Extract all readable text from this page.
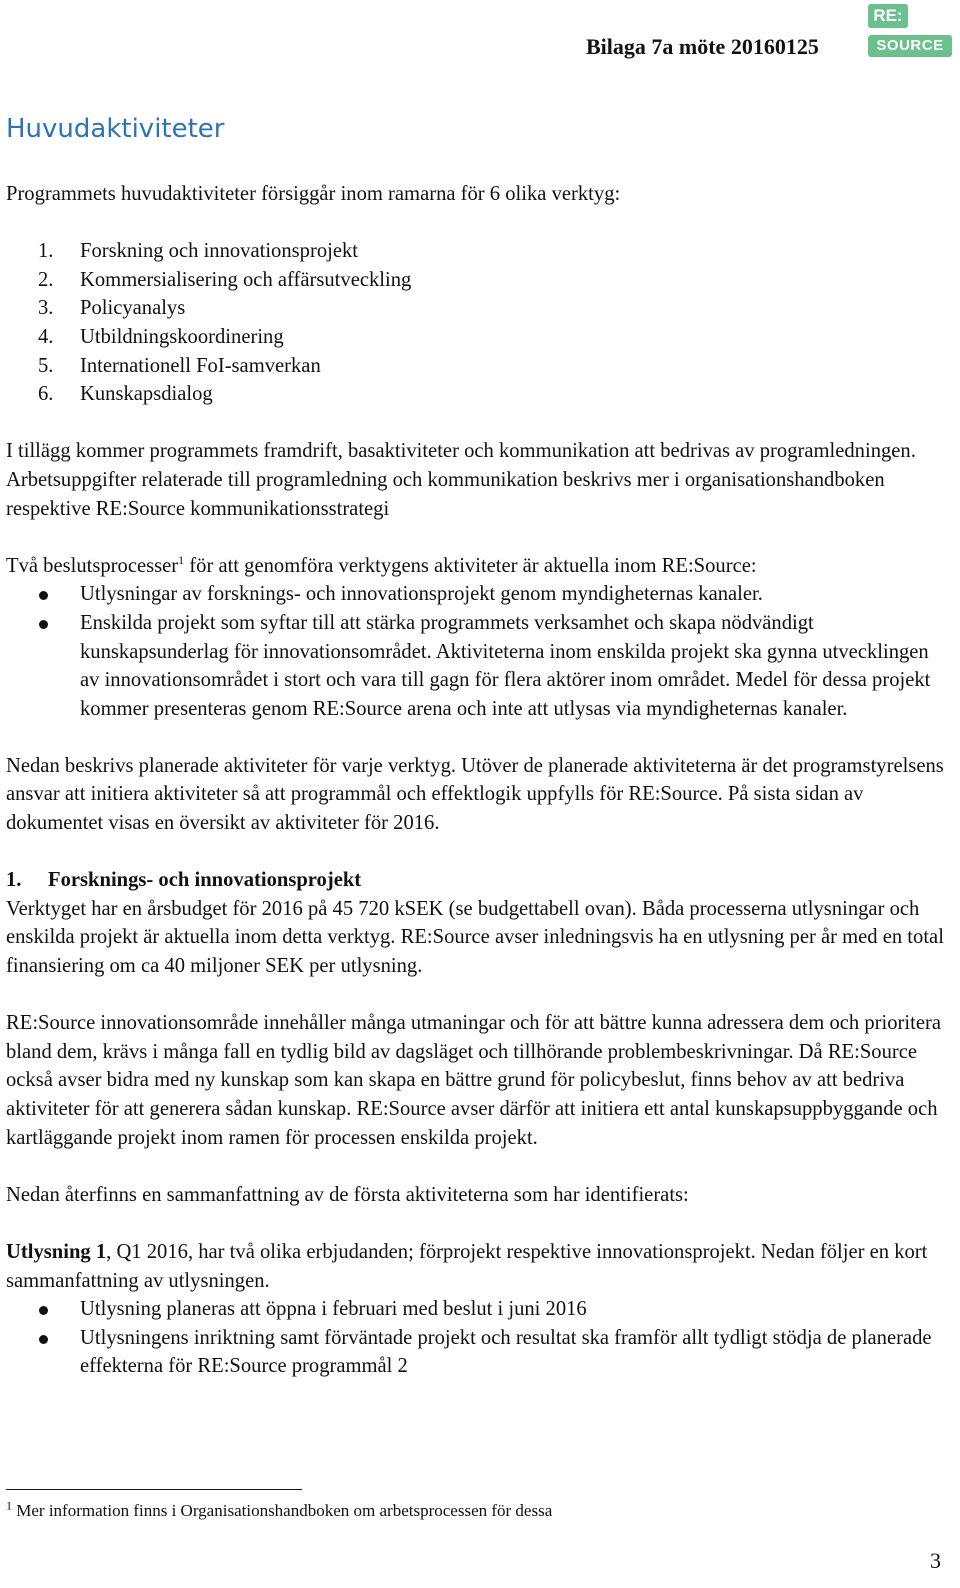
Bilaga 7a möte 20160125
RE:
SOURCE
Huvudaktiviteter

Programmets huvudaktiviteter försiggår inom ramarna för 6 olika verktyg:

1. Forskning och innovationsprojekt
2. Kommersialisering och affärsutveckling
3. Policyanalys
4. Utbildningskoordinering
5. Internationell FoI-samverkan
6. Kunskapsdialog

I tillägg kommer programmets framdrift, basaktiviteter och kommunikation att bedrivas av programledningen. Arbetsuppgifter relaterade till programledning och kommunikation beskrivs mer i organisationshandboken respektive RE:Source kommunikationsstrategi

Två beslutsprocesser$^1$ för att genomföra verktygens aktiviteter är aktuella inom RE:Source:

Utlysningar av forsknings- och innovationsprojekt genom myndigheternas kanaler.
Enskilda projekt som syftar till att stärka programmets verksamhet och skapa nödvändigt kunskapsunderlag för innovationsområdet. Aktiviteterna inom enskilda projekt ska gynna utvecklingen av innovationsområdet i stort och vara till gagn för flera aktörer inom området. Medel för dessa projekt kommer presenteras genom RE:Source arena och inte att utlysas via myndigheternas kanaler.

Nedan beskrivs planerade aktiviteter för varje verktyg. Utöver de planerade aktiviteterna är det programstyrelsens ansvar att initiera aktiviteter så att programmål och effektlogik uppfylls för RE:Source. På sista sidan av dokumentet visas en översikt av aktiviteter för 2016.

1. Forsknings- och innovationsprojekt

Verktyget har en årsbudget för 2016 på 45 720 kSEK (se budgettabell ovan). Båda processerna utlysningar och enskilda projekt är aktuella inom detta verktyg. RE:Source avser inledningsvis ha en utlysning per år med en total finansiering om ca 40 miljoner SEK per utlysning.

RE:Source innovationsområde innehåller många utmaningar och för att bättre kunna adressera dem och prioritera bland dem, krävs i många fall en tydlig bild av dagsläget och tillhörande problembeskrivningar. Då RE:Source också avser bidra med ny kunskap som kan skapa en bättre grund för policybeslut, finns behov av att bedriva aktiviteter för att generera sådan kunskap. RE:Source avser därför att initiera ett antal kunskapsuppbyggande och kartläggande projekt inom ramen för processen enskilda projekt.

Nedan återfinns en sammanfattning av de första aktiviteterna som har identifierats:

Utlysning 1, Q1 2016, har två olika erbjudanden; förprojekt respektive innovationsprojekt. Nedan följer en kort sammanfattning av utlysningen.

Utlysning planeras att öppna i februari med beslut i juni 2016
Utlysningens inriktning samt förväntade projekt och resultat ska framför allt tydligt stödja de planerade effekterna för RE:Source programmål 2
$^1$ Mer information finns i Organisationshandboken om arbetsprocessen för dessa
3
